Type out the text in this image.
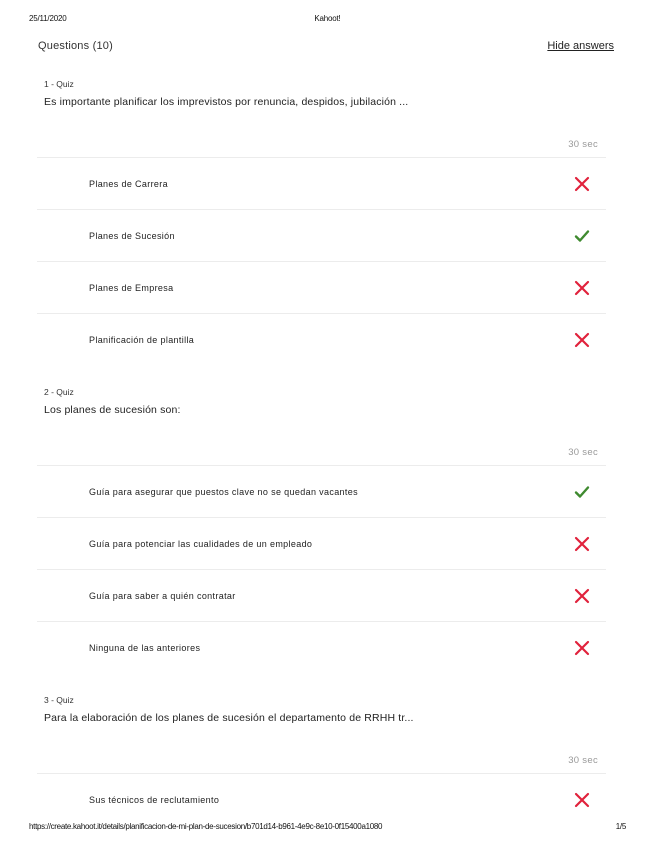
25/11/2020	Kahoot!
Questions (10)	Hide answers
1 - Quiz
Es importante planificar los imprevistos por renuncia, despidos, jubilación ...
30 sec
Planes de Carrera
Planes de Sucesión
Planes de Empresa
Planificación de plantilla
2 - Quiz
Los planes de sucesión son:
30 sec
Guía para asegurar que puestos clave no se quedan vacantes
Guía para potenciar las cualidades de un empleado
Guía para saber a quién contratar
Ninguna de las anteriores
3 - Quiz
Para la elaboración de los planes de sucesión el departamento de RRHH tr...
30 sec
Sus técnicos de reclutamiento
https://create.kahoot.it/details/planificacion-de-mi-plan-de-sucesion/b701d14-b961-4e9c-8e10-0f15400a1080	1/5
